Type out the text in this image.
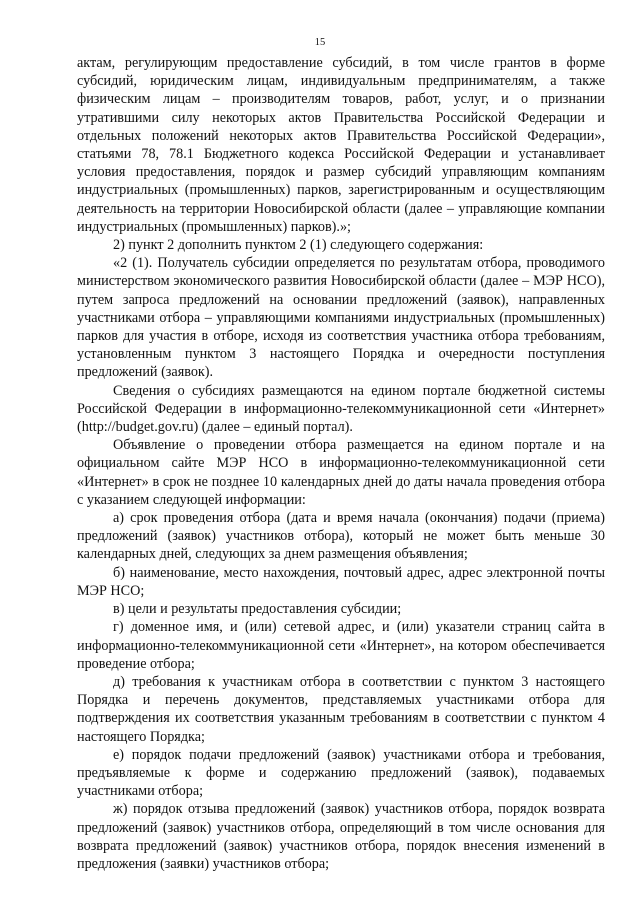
15

актам, регулирующим предоставление субсидий, в том числе грантов в форме субсидий, юридическим лицам, индивидуальным предпринимателям, а также физическим лицам – производителям товаров, работ, услуг, и о признании утратившими силу некоторых актов Правительства Российской Федерации и отдельных положений некоторых актов Правительства Российской Федерации», статьями 78, 78.1 Бюджетного кодекса Российской Федерации и устанавливает условия предоставления, порядок и размер субсидий управляющим компаниям индустриальных (промышленных) парков, зарегистрированным и осуществляющим деятельность на территории Новосибирской области (далее – управляющие компании индустриальных (промышленных) парков).»;

2) пункт 2 дополнить пунктом 2 (1) следующего содержания:

«2 (1). Получатель субсидии определяется по результатам отбора, проводимого министерством экономического развития Новосибирской области (далее – МЭР НСО), путем запроса предложений на основании предложений (заявок), направленных участниками отбора – управляющими компаниями индустриальных (промышленных) парков для участия в отборе, исходя из соответствия участника отбора требованиям, установленным пунктом 3 настоящего Порядка и очередности поступления предложений (заявок).

Сведения о субсидиях размещаются на едином портале бюджетной системы Российской Федерации в информационно-телекоммуникационной сети «Интернет» (http://budget.gov.ru) (далее – единый портал).

Объявление о проведении отбора размещается на едином портале и на официальном сайте МЭР НСО в информационно-телекоммуникационной сети «Интернет» в срок не позднее 10 календарных дней до даты начала проведения отбора с указанием следующей информации:

а) срок проведения отбора (дата и время начала (окончания) подачи (приема) предложений (заявок) участников отбора), который не может быть меньше 30 календарных дней, следующих за днем размещения объявления;

б) наименование, место нахождения, почтовый адрес, адрес электронной почты МЭР НСО;

в) цели и результаты предоставления субсидии;

г) доменное имя, и (или) сетевой адрес, и (или) указатели страниц сайта в информационно-телекоммуникационной сети «Интернет», на котором обеспечивается проведение отбора;

д) требования к участникам отбора в соответствии с пунктом 3 настоящего Порядка и перечень документов, представляемых участниками отбора для подтверждения их соответствия указанным требованиям в соответствии с пунктом 4 настоящего Порядка;

е) порядок подачи предложений (заявок) участниками отбора и требования, предъявляемые к форме и содержанию предложений (заявок), подаваемых участниками отбора;

ж) порядок отзыва предложений (заявок) участников отбора, порядок возврата предложений (заявок) участников отбора, определяющий в том числе основания для возврата предложений (заявок) участников отбора, порядок внесения изменений в предложения (заявки) участников отбора;
